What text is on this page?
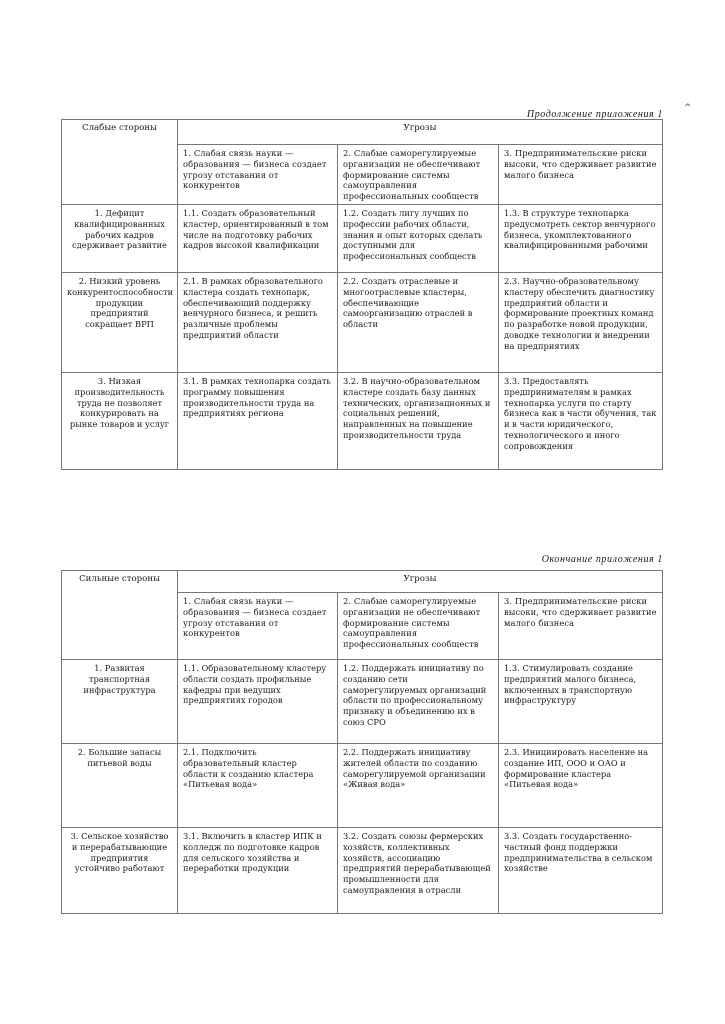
Продолжение приложения 1
^
Слабые стороны	Угрозы		
	1. Слабая связь науки — образования — бизнеса создает угрозу отставания от конкурентов	2. Слабые саморегулируемые организации не обеспечивают формирование системы самоуправления профессиональных сообществ	3. Предпринимательские риски высоки, что сдерживает развитие малого бизнеса
1. Дефицит квалифицированных рабочих кадров сдерживает развитие	1.1. Создать образовательный кластер, ориентированный в том числе на подготовку рабочих кадров высокой квалификации	1.2. Создать лигу лучших по профессии рабочих области, знания и опыт которых сделать доступными для профессиональных сообществ	1.3. В структуре технопарка предусмотреть сектор венчурного бизнеса, укомплектованного квалифицированными рабочими
2. Низкий уровень конкурентоспособности продукции предприятий сокращает ВРП	2.1. В рамках образовательного кластера создать технопарк, обеспечивающий поддержку венчурного бизнеса, и решить различные проблемы предприятий области	2.2. Создать отраслевые и многоотраслевые кластеры, обеспечивающие самоорганизацию отраслей в области	2.3. Научно-образовательному кластеру обеспечить диагностику предприятий области и формирование проектных команд по разработке новой продукции, доводке технологии и внедрении на предприятиях
3. Низкая производительность труда не позволяет конкурировать на рынке товаров и услуг	3.1. В рамках технопарка создать программу повышения производительности труда на предприятиях региона	3.2. В научно-образовательном кластере создать базу данных технических, организационных и социальных решений, направленных на повышение производительности труда	3.3. Предоставлять предпринимателям в рамках технопарка услуги по старту бизнеса как в части обучения, так и в части юридического, технологического и иного сопровождения
Окончание приложения 1
Сильные стороны	Угрозы		
	1. Слабая связь науки — образования — бизнеса создает угрозу отставания от конкурентов	2. Слабые саморегулируемые организации не обеспечивают формирование системы самоуправления профессиональных сообществ	3. Предпринимательские риски высоки, что сдерживает развитие малого бизнеса
1. Развитая транспортная инфраструктура	1.1. Образовательному кластеру области создать профильные кафедры при ведущих предприятиях городов	1.2. Поддержать инициативу по созданию сети саморегулируемых организаций области по профессиональному признаку и объединению их в союз СРО	1.3. Стимулировать создание предприятий малого бизнеса, включенных в транспортную инфраструктуру
2. Большие запасы питьевой воды	2.1. Подключить образовательный кластер области к созданию кластера «Питьевая вода»	2.2. Поддержать инициативу жителей области по созданию саморегулируемой организации «Живая вода»	2.3. Инициировать население на создание ИП, ООО и ОАО и формирование кластера «Питьевая вода»
3. Сельское хозяйство и перерабатывающие предприятия устойчиво работают	3.1. Включить в кластер ИПК и колледж по подготовке кадров для сельского хозяйства и переработки продукции	3.2. Создать союзы фермерских хозяйств, коллективных хозяйств, ассоциацию предприятий перерабатывающей промышленности для самоуправления в отрасли	3.3. Создать государственно-частный фонд поддержки предпринимательства в сельском хозяйстве
